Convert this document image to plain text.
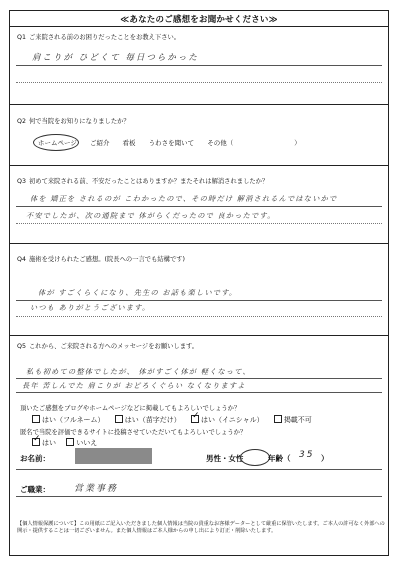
≪あなたのご感想をお聞かせください≫
Q1 ご来院される前のお困りだったことをお教え下さい。
肩こりが ひどくて 毎日つらかった
Q2 何で当院をお知りになりましたか？
ホームページ ご紹介 看板 うわさを聞いて その他（	）
Q3 初めて来院される前、不安だったことはありますか？またそれは解消されましたか？
体を 矯正を されるのが こわかったので、その時だけ 解消されるんではないかで
不安でしたが、次の通院まで 体がらくだったので 良かったです。
Q4 施術を受けられたご感想。(院長への一言でも結構です)
体が すごくらくになり、先生の お話も楽しいです。
いつも ありがとうございます。
Q5 これから、ご来院される方へのメッセージをお願いします。
私も初めての整体でしたが、 体がすごく体が 軽くなって、
長年 苦しんでた 肩こりが おどろくぐらい なくなりますよ
頂いたご感想をブログやホームページなどに掲載してもよろしいでしょうか？
はい（フルネーム）	はい（苗字だけ） ✓ はい（イニシャル）	掲載不可
匿名で当院を評価できるサイトに投稿させていただいてもよろしいでしょうか？
✓ はい	いいえ
お名前：	男性・女性	年齢（ 35 ）
ご職業：	営業事務
【個人情報保護について】この用紙にご記入いただきました個人情報は当院の貴重なお客様データーとして厳重に保管いたします。ご本人の許可なく外部への開示・提供することは一切ございません。また個人情報はご本人様からの申し出により訂正・削除いたします。
